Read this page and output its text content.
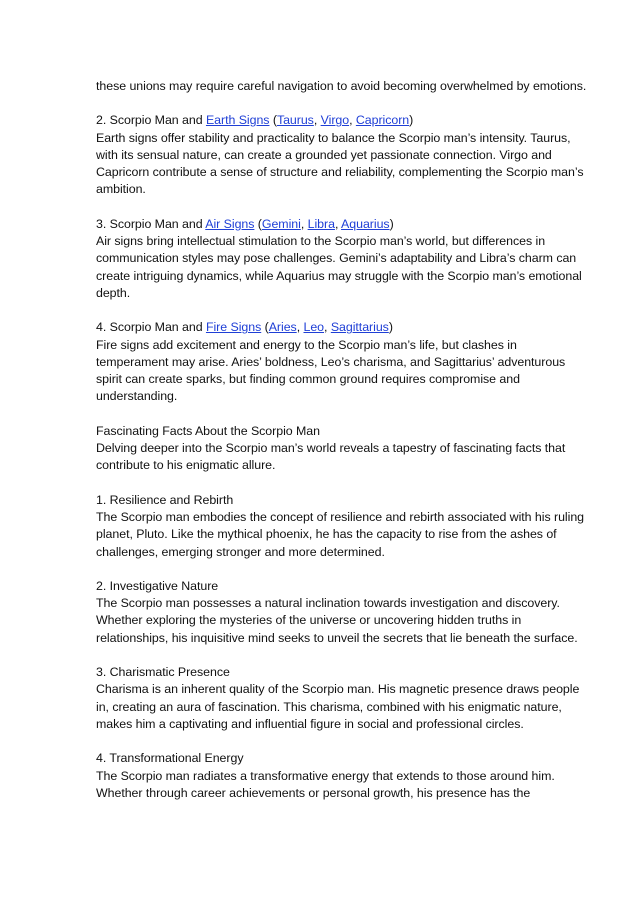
these unions may require careful navigation to avoid becoming overwhelmed by emotions.

2. Scorpio Man and Earth Signs (Taurus, Virgo, Capricorn)
Earth signs offer stability and practicality to balance the Scorpio man’s intensity. Taurus, with its sensual nature, can create a grounded yet passionate connection. Virgo and Capricorn contribute a sense of structure and reliability, complementing the Scorpio man’s ambition.

3. Scorpio Man and Air Signs (Gemini, Libra, Aquarius)
Air signs bring intellectual stimulation to the Scorpio man’s world, but differences in communication styles may pose challenges. Gemini’s adaptability and Libra’s charm can create intriguing dynamics, while Aquarius may struggle with the Scorpio man’s emotional depth.

4. Scorpio Man and Fire Signs (Aries, Leo, Sagittarius)
Fire signs add excitement and energy to the Scorpio man’s life, but clashes in temperament may arise. Aries’ boldness, Leo’s charisma, and Sagittarius’ adventurous spirit can create sparks, but finding common ground requires compromise and understanding.

Fascinating Facts About the Scorpio Man
Delving deeper into the Scorpio man’s world reveals a tapestry of fascinating facts that contribute to his enigmatic allure.

1. Resilience and Rebirth
The Scorpio man embodies the concept of resilience and rebirth associated with his ruling planet, Pluto. Like the mythical phoenix, he has the capacity to rise from the ashes of challenges, emerging stronger and more determined.

2. Investigative Nature
The Scorpio man possesses a natural inclination towards investigation and discovery. Whether exploring the mysteries of the universe or uncovering hidden truths in relationships, his inquisitive mind seeks to unveil the secrets that lie beneath the surface.

3. Charismatic Presence
Charisma is an inherent quality of the Scorpio man. His magnetic presence draws people in, creating an aura of fascination. This charisma, combined with his enigmatic nature, makes him a captivating and influential figure in social and professional circles.

4. Transformational Energy
The Scorpio man radiates a transformative energy that extends to those around him. Whether through career achievements or personal growth, his presence has the
